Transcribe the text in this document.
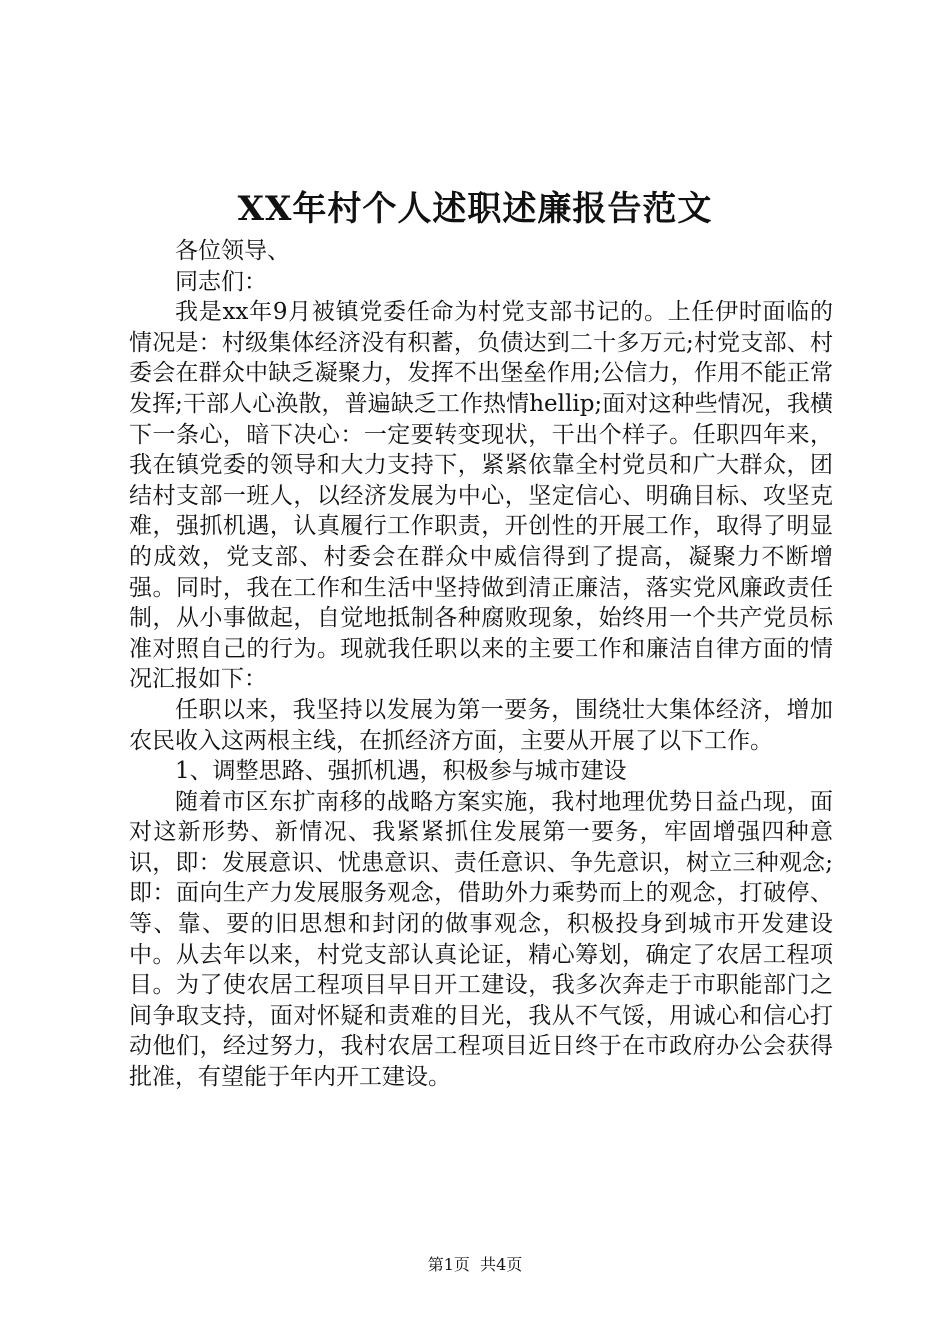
XX年村个人述职述廉报告范文

各位领导、

同志们：

我是xx年9月被镇党委任命为村党支部书记的。上任伊时面临的情况是：村级集体经济没有积蓄，负债达到二十多万元;村党支部、村委会在群众中缺乏凝聚力，发挥不出堡垒作用;公信力，作用不能正常发挥;干部人心涣散，普遍缺乏工作热情hellip;面对这种些情况，我横下一条心，暗下决心：一定要转变现状，干出个样子。任职四年来，我在镇党委的领导和大力支持下，紧紧依靠全村党员和广大群众，团结村支部一班人，以经济发展为中心，坚定信心、明确目标、攻坚克难，强抓机遇，认真履行工作职责，开创性的开展工作，取得了明显的成效，党支部、村委会在群众中威信得到了提高，凝聚力不断增强。同时，我在工作和生活中坚持做到清正廉洁，落实党风廉政责任制，从小事做起，自觉地抵制各种腐败现象，始终用一个共产党员标准对照自己的行为。现就我任职以来的主要工作和廉洁自律方面的情况汇报如下：

任职以来，我坚持以发展为第一要务，围绕壮大集体经济，增加农民收入这两根主线，在抓经济方面，主要从开展了以下工作。

1、调整思路、强抓机遇，积极参与城市建设

随着市区东扩南移的战略方案实施，我村地理优势日益凸现，面对这新形势、新情况、我紧紧抓住发展第一要务，牢固增强四种意识，即：发展意识、忧患意识、责任意识、争先意识，树立三种观念;即：面向生产力发展服务观念，借助外力乘势而上的观念，打破停、等、靠、要的旧思想和封闭的做事观念，积极投身到城市开发建设中。从去年以来，村党支部认真论证，精心筹划，确定了农居工程项目。为了使农居工程项目早日开工建设，我多次奔走于市职能部门之间争取支持，面对怀疑和责难的目光，我从不气馁，用诚心和信心打动他们，经过努力，我村农居工程项目近日终于在市政府办公会获得批准，有望能于年内开工建设。

第1页 共4页
